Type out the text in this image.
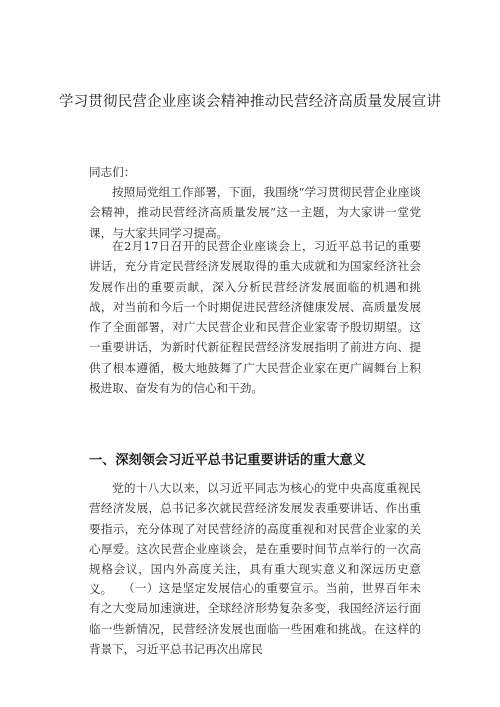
学习贯彻民营企业座谈会精神推动民营经济高质量发展宣讲

同志们：

按照局党组工作部署，下面，我围绕“学习贯彻民营企业座谈会精神，推动民营经济高质量发展”这一主题，为大家讲一堂党课，与大家共同学习提高。

在2月17日召开的民营企业座谈会上，习近平总书记的重要讲话，充分肯定民营经济发展取得的重大成就和为国家经济社会发展作出的重要贡献，深入分析民营经济发展面临的机遇和挑战，对当前和今后一个时期促进民营经济健康发展、高质量发展作了全面部署，对广大民营企业和民营企业家寄予殷切期望。这一重要讲话，为新时代新征程民营经济发展指明了前进方向、提供了根本遵循，极大地鼓舞了广大民营企业家在更广阔舞台上积极进取、奋发有为的信心和干劲。

一、深刻领会习近平总书记重要讲话的重大意义

党的十八大以来，以习近平同志为核心的党中央高度重视民营经济发展，总书记多次就民营经济发展发表重要讲话、作出重要指示，充分体现了对民营经济的高度重视和对民营企业家的关心厚爱。这次民营企业座谈会，是在重要时间节点举行的一次高规格会议，国内外高度关注，具有重大现实意义和深远历史意义。 （一）这是坚定发展信心的重要宣示。当前，世界百年未有之大变局加速演进，全球经济形势复杂多变，我国经济运行面临一些新情况，民营经济发展也面临一些困难和挑战。在这样的背景下，习近平总书记再次出席民
